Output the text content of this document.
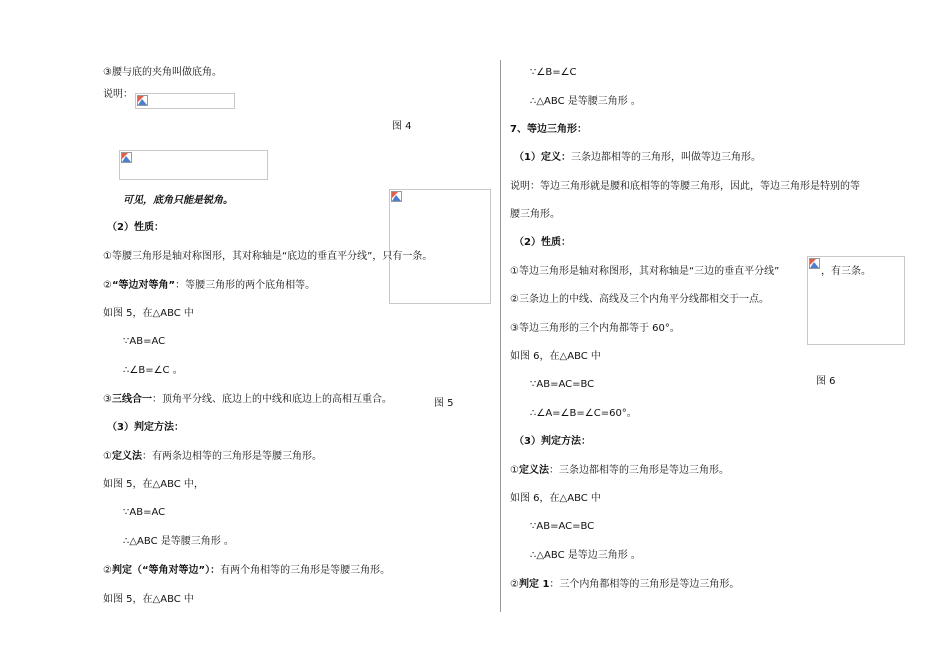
③腰与底的夹角叫做底角。
说明：
图 4
可见，底角只能是锐角。
（2）性质：
①等腰三角形是轴对称图形，其对称轴是“底边的垂直平分线”，只有一条。
②“等边对等角”：等腰三角形的两个底角相等。
如图 5，在△ABC 中
∵AB=AC
∴∠B=∠C 。
③三线合一：顶角平分线、底边上的中线和底边上的高相互重合。	图 5
（3）判定方法：
①定义法：有两条边相等的三角形是等腰三角形。
如图 5，在△ABC 中，
∵AB=AC
∴△ABC 是等腰三角形 。
②判定（“等角对等边”）：有两个角相等的三角形是等腰三角形。
如图 5，在△ABC 中
∵∠B=∠C
∴△ABC 是等腰三角形 。
7、等边三角形：
（1）定义：三条边都相等的三角形，叫做等边三角形。
说明：等边三角形就是腰和底相等的等腰三角形，因此，等边三角形是特别的等
腰三角形。
（2）性质：
①等边三角形是轴对称图形，其对称轴是“三边的垂直平分线”	，有三条。
②三条边上的中线、高线及三个内角平分线都相交于一点。
③等边三角形的三个内角都等于 60°。
如图 6，在△ABC 中
图 6
∵AB=AC=BC
∴∠A=∠B=∠C=60°。
（3）判定方法：
①定义法：三条边都相等的三角形是等边三角形。
如图 6，在△ABC 中
∵AB=AC=BC
∴△ABC 是等边三角形 。
②判定 1：三个内角都相等的三角形是等边三角形。
